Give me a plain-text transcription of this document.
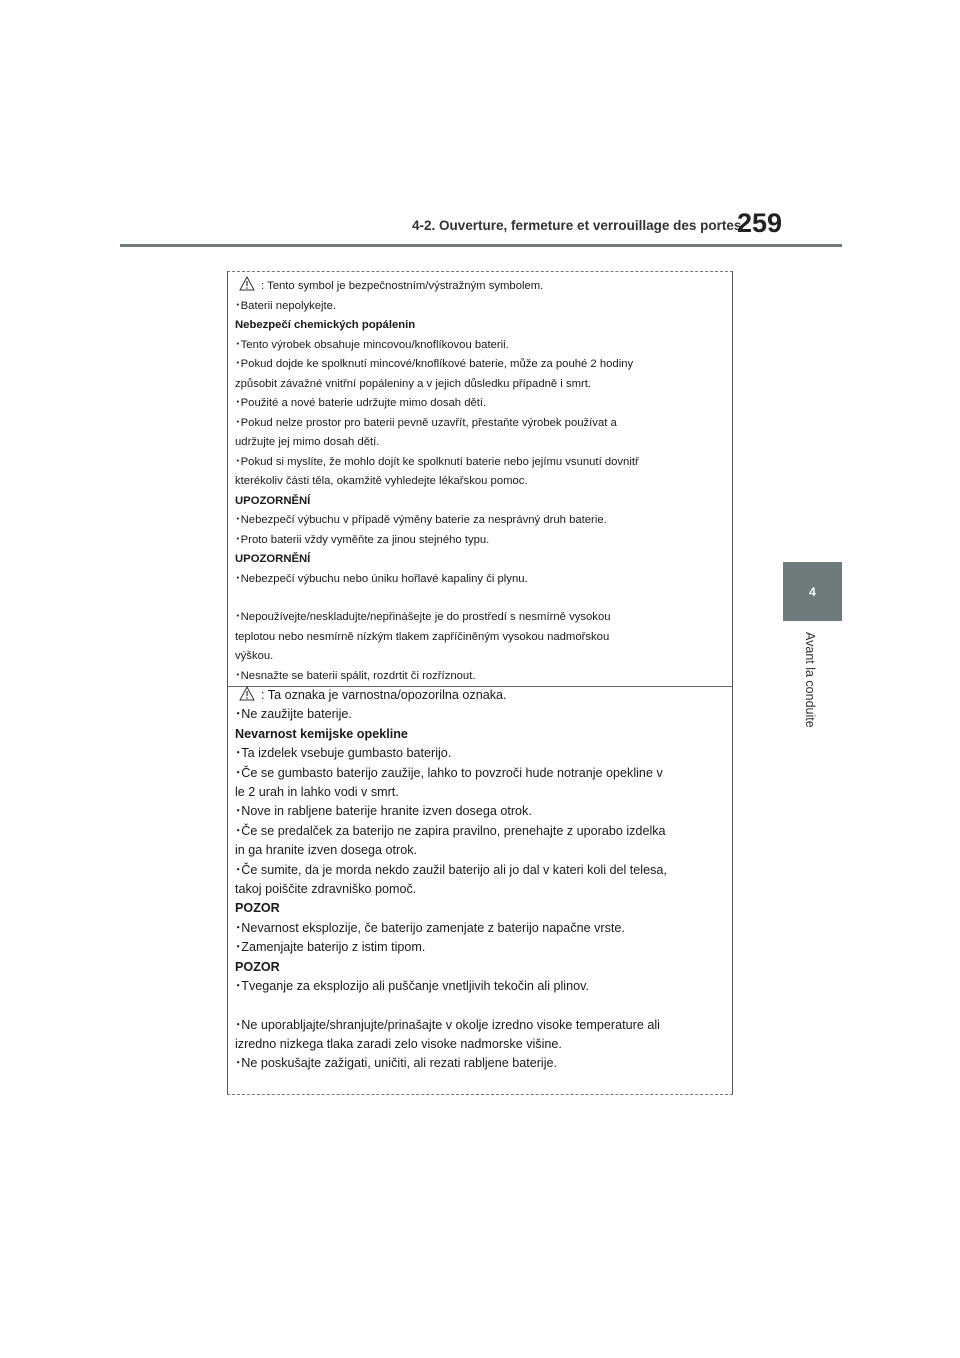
4-2. Ouverture, fermeture et verrouillage des portes
259
4
Avant la conduite
: Tento symbol je bezpečnostním/výstražným symbolem.
･Baterii nepolykejte.
Nebezpečí chemických popálenin
･Tento výrobek obsahuje mincovou/knoflíkovou baterii.
･Pokud dojde ke spolknutí mincové/knoflíkové baterie, může za pouhé 2 hodiny
způsobit závažné vnitřní popáleniny a v jejich důsledku případně i smrt.
･Použité a nové baterie udržujte mimo dosah dětí.
･Pokud nelze prostor pro baterii pevně uzavřít, přestaňte výrobek používat a
udržujte jej mimo dosah dětí.
･Pokud si myslíte, že mohlo dojít ke spolknutí baterie nebo jejímu vsunutí dovnitř
kterékoliv části těla, okamžitě vyhledejte lékařskou pomoc.
UPOZORNĚNÍ
･Nebezpečí výbuchu v případě výměny baterie za nesprávný druh baterie.
･Proto baterii vždy vyměňte za jinou stejného typu.
UPOZORNĚNÍ
･Nebezpečí výbuchu nebo úniku hořlavé kapaliny či plynu.
･Nepoužívejte/neskladujte/nepřinášejte je do prostředí s nesmírně vysokou
teplotou nebo nesmírně nízkým tlakem zapříčiněným vysokou nadmořskou
výškou.
･Nesnažte se baterii spálit, rozdrtit či rozříznout.
: Ta oznaka je varnostna/opozorilna oznaka.
･Ne zaužijte baterije.
Nevarnost kemijske opekline
･Ta izdelek vsebuje gumbasto baterijo.
･Če se gumbasto baterijo zaužije, lahko to povzroči hude notranje opekline v
le 2 urah in lahko vodi v smrt.
･Nove in rabljene baterije hranite izven dosega otrok.
･Če se predalček za baterijo ne zapira pravilno, prenehajte z uporabo izdelka
in ga hranite izven dosega otrok.
･Če sumite, da je morda nekdo zaužil baterijo ali jo dal v kateri koli del telesa,
takoj poiščite zdravniško pomoč.
POZOR
･Nevarnost eksplozije, če baterijo zamenjate z baterijo napačne vrste.
･Zamenjajte baterijo z istim tipom.
POZOR
･Tveganje za eksplozijo ali puščanje vnetljivih tekočin ali plinov.
･Ne uporabljajte/shranjujte/prinašajte v okolje izredno visoke temperature ali
izredno nizkega tlaka zaradi zelo visoke nadmorske višine.
･Ne poskušajte zažigati, uničiti, ali rezati rabljene baterije.
